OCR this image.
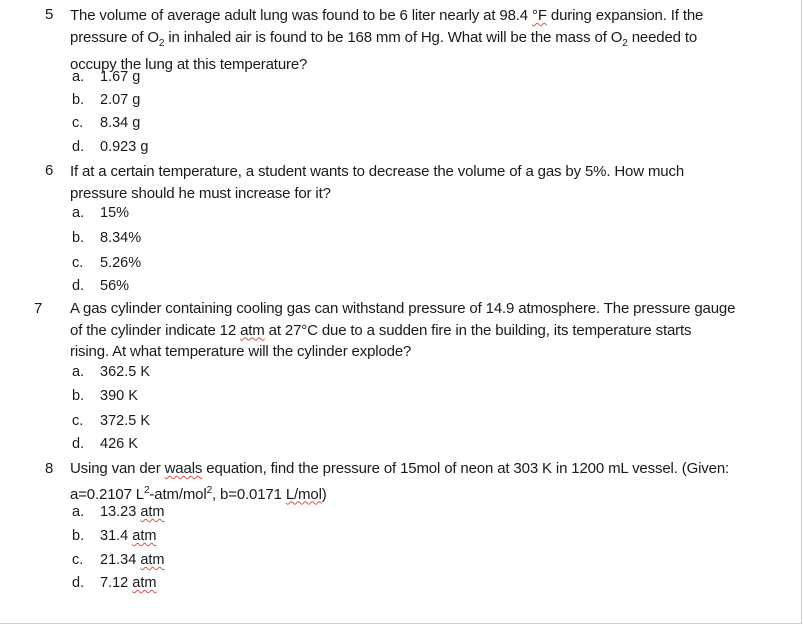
5 The volume of average adult lung was found to be 6 liter nearly at 98.4 °F during expansion. If the
pressure of $O_2$ in inhaled air is found to be 168 mm of Hg. What will be the mass of $O_2$ needed to
occupy the lung at this temperature?
a. 1.67 g
b. 2.07 g
c. 8.34 g
d. 0.923 g
6 If at a certain temperature, a student wants to decrease the volume of a gas by 5%. How much
pressure should he must increase for it?
a. 15%
b. 8.34%
c. 5.26%
d. 56%
7 A gas cylinder containing cooling gas can withstand pressure of 14.9 atmosphere. The pressure gauge
of the cylinder indicate 12 atm at 27°C due to a sudden fire in the building, its temperature starts
rising. At what temperature will the cylinder explode?
a. 362.5 K
b. 390 K
c. 372.5 K
d. 426 K
8 Using van der waals equation, find the pressure of 15mol of neon at 303 K in 1200 mL vessel. (Given:
a=0.2107 $L^2-atm/mol^2$, b=0.0171 L/mol)
a. 13.23 atm
b. 31.4 atm
c. 21.34 atm
d. 7.12 atm
